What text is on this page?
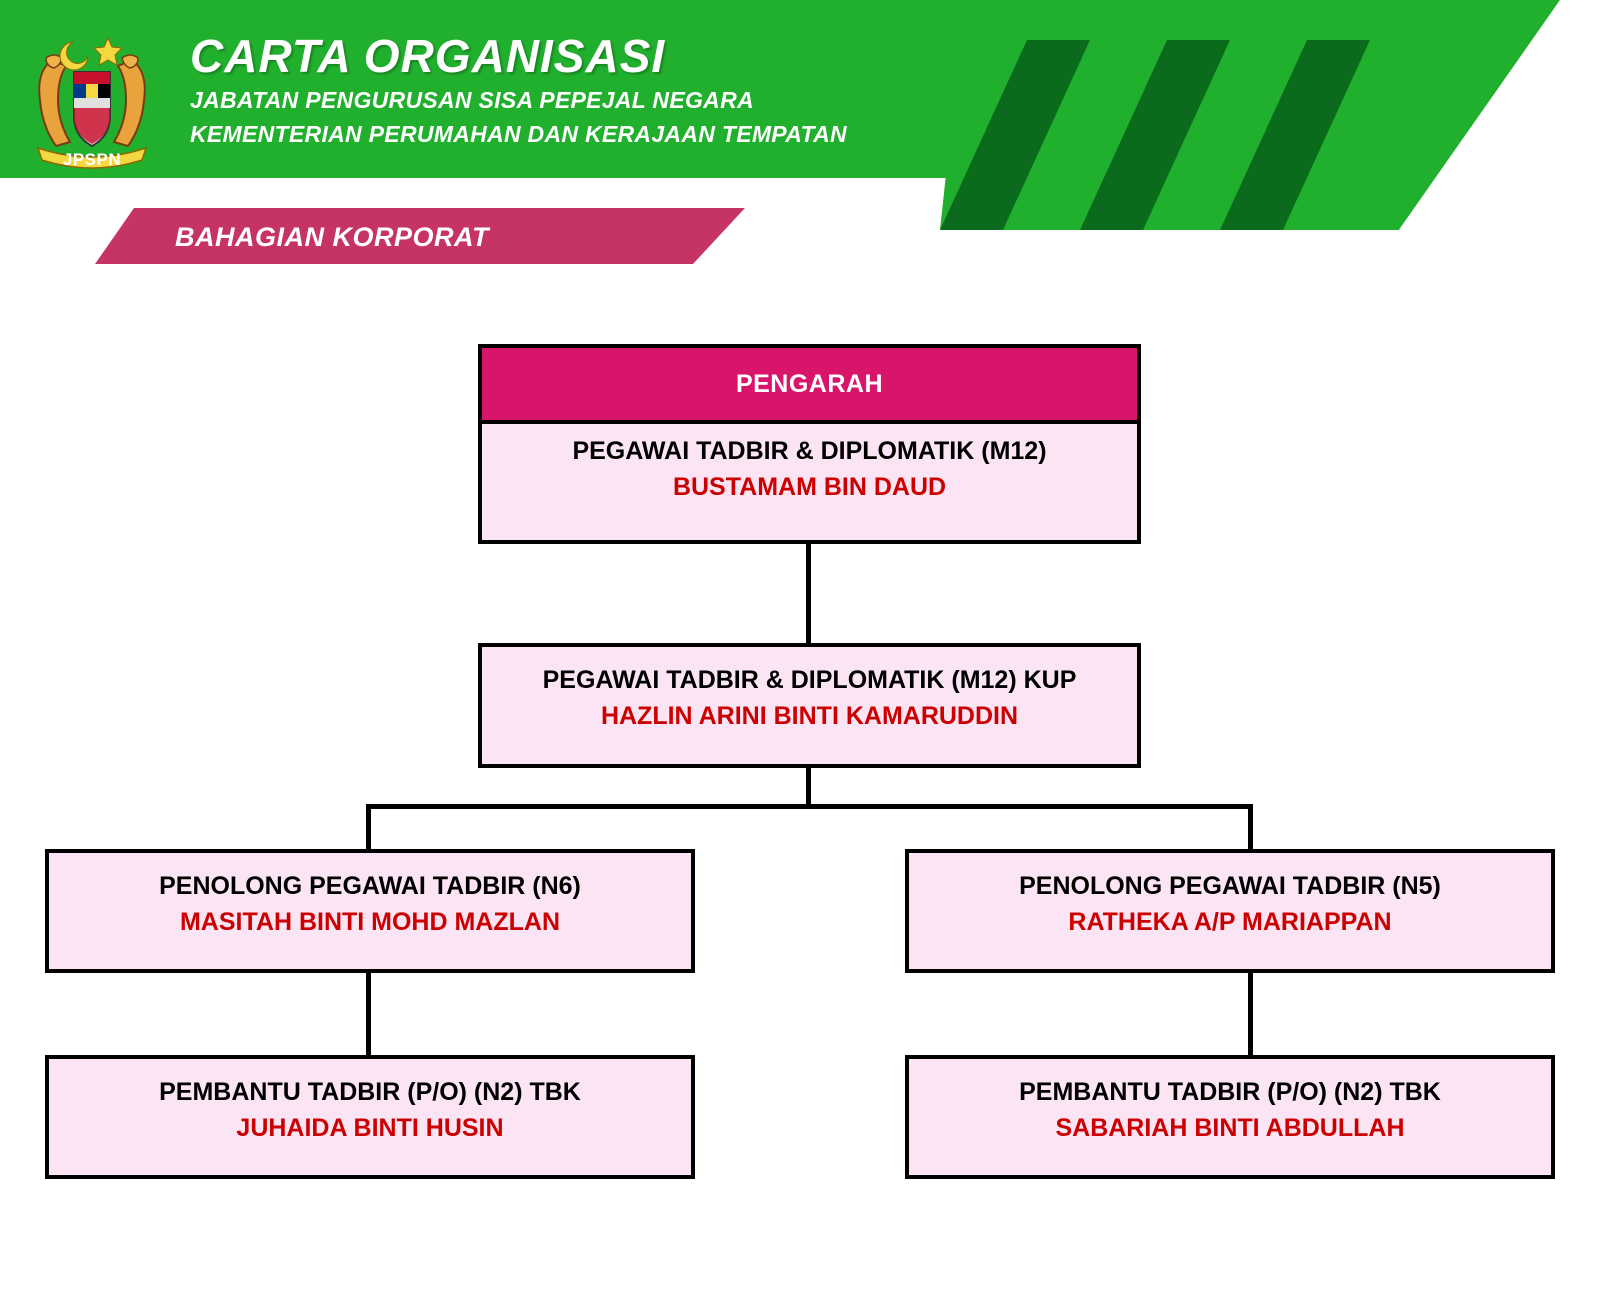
JPSPN
CARTA ORGANISASI
JABATAN PENGURUSAN SISA PEPEJAL NEGARA
KEMENTERIAN PERUMAHAN DAN KERAJAAN TEMPATAN
BAHAGIAN KORPORAT
PENGARAH
PEGAWAI TADBIR & DIPLOMATIK (M12)
BUSTAMAM BIN DAUD
PEGAWAI TADBIR & DIPLOMATIK (M12) KUP
HAZLIN ARINI BINTI KAMARUDDIN
PENOLONG PEGAWAI TADBIR (N6)
MASITAH BINTI MOHD MAZLAN
PENOLONG PEGAWAI TADBIR (N5)
RATHEKA A/P MARIAPPAN
PEMBANTU TADBIR (P/O) (N2) TBK
JUHAIDA BINTI HUSIN
PEMBANTU TADBIR (P/O) (N2) TBK
SABARIAH BINTI ABDULLAH
